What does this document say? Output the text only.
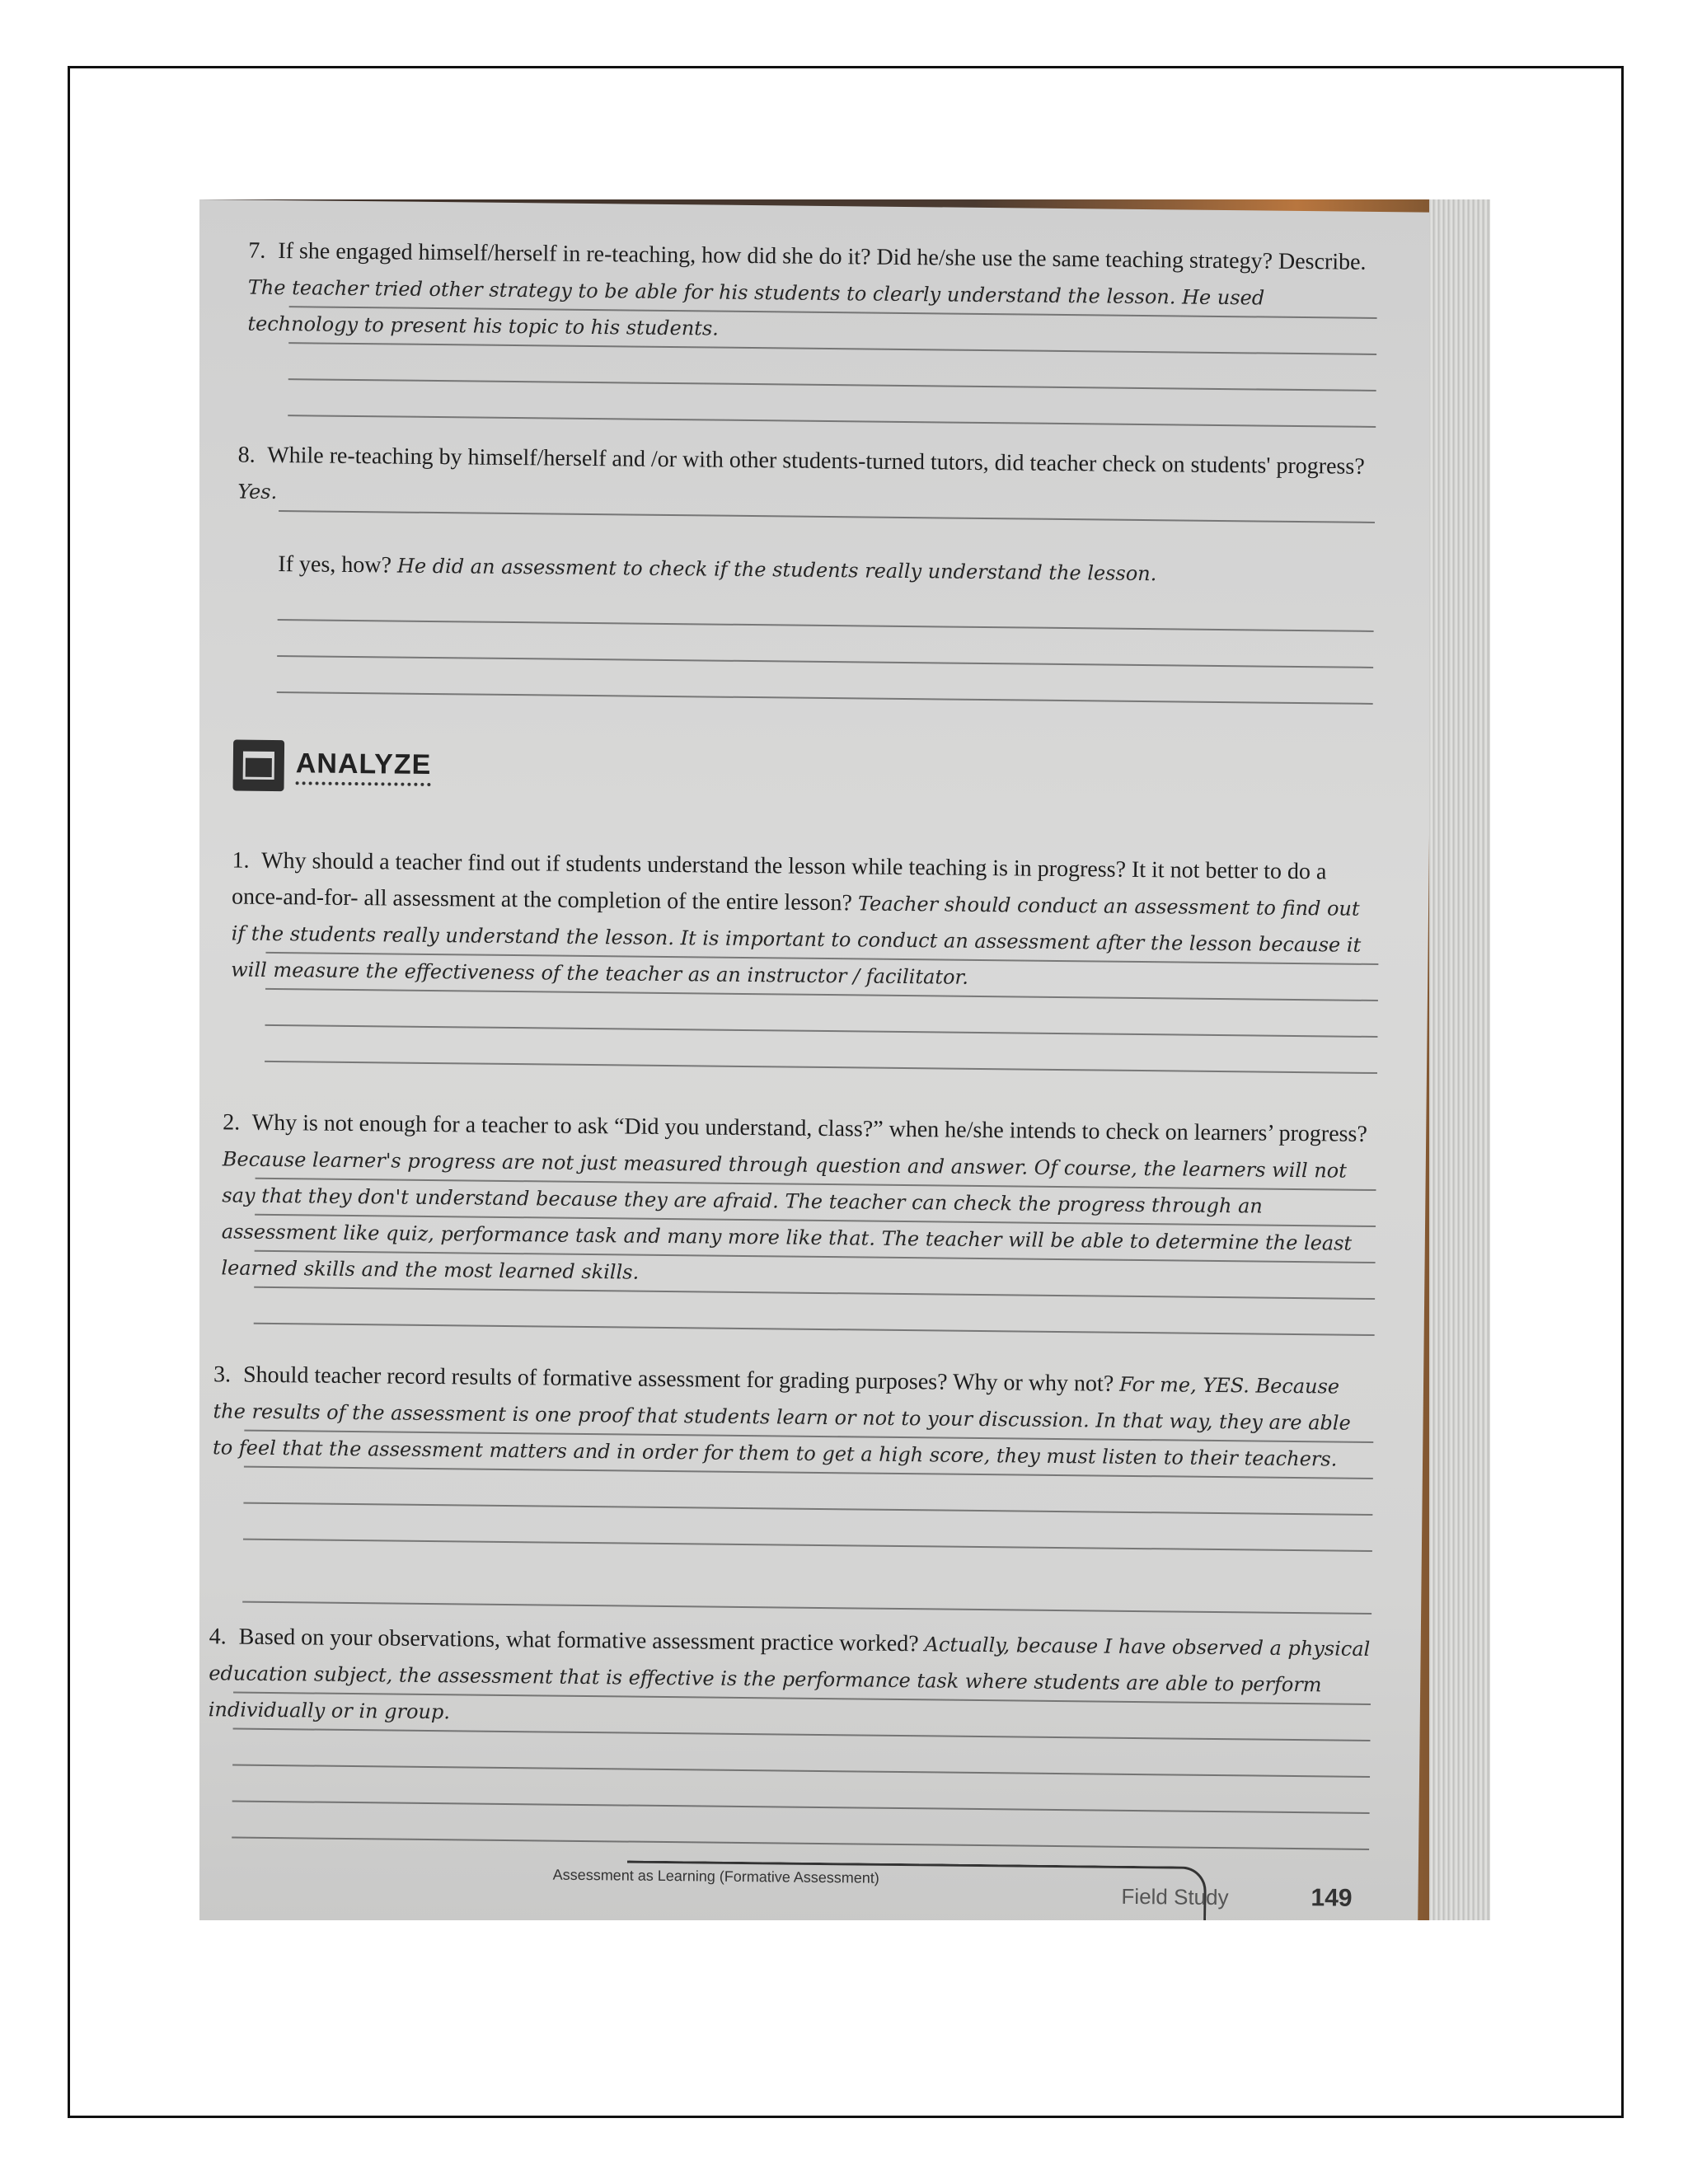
7. If she engaged himself/herself in re-teaching, how did she do it? Did he/she use the same teaching strategy? Describe. The teacher tried other strategy to be able for his students to clearly understand the lesson. He used technology to present his topic to his students.
8. While re-teaching by himself/herself and /or with other students-turned tutors, did teacher check on students' progress? Yes.
If yes, how? He did an assessment to check if the students really understand the lesson.
ANALYZE
1. Why should a teacher find out if students understand the lesson while teaching is in progress? It it not better to do a once-and-for- all assessment at the completion of the entire lesson? Teacher should conduct an assessment to find out if the students really understand the lesson. It is important to conduct an assessment after the lesson because it will measure the effectiveness of the teacher as an instructor / facilitator.
2. Why is not enough for a teacher to ask “Did you understand, class?” when he/she intends to check on learners’ progress? Because learner's progress are not just measured through question and answer. Of course, the learners will not say that they don't understand because they are afraid. The teacher can check the progress through an assessment like quiz, performance task and many more like that. The teacher will be able to determine the least learned skills and the most learned skills.
3. Should teacher record results of formative assessment for grading purposes? Why or why not? For me, YES. Because the results of the assessment is one proof that students learn or not to your discussion. In that way, they are able to feel that the assessment matters and in order for them to get a high score, they must listen to their teachers.
4. Based on your observations, what formative assessment practice worked? Actually, because I have observed a physical education subject, the assessment that is effective is the performance task where students are able to perform individually or in group.
Assessment as Learning (Formative Assessment)
Field Study	149
